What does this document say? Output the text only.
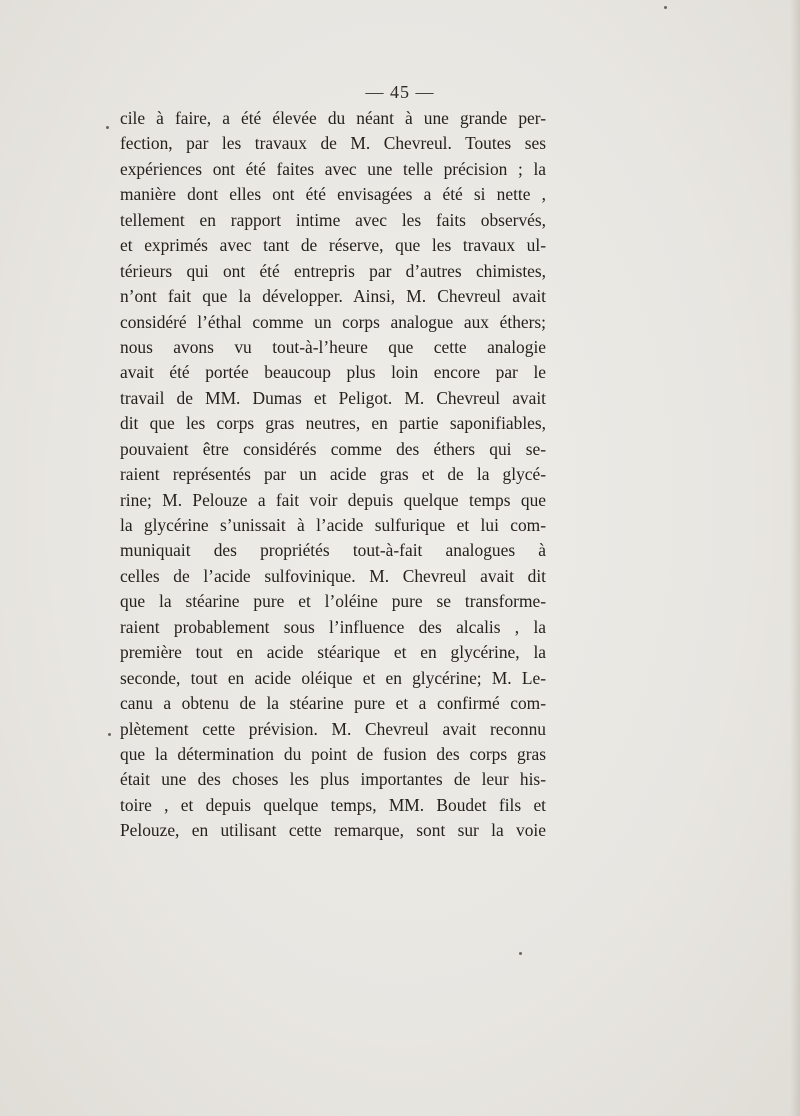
— 45 —
cile à faire, a été élevée du néant à une grande per-
fection, par les travaux de M. Chevreul. Toutes ses
expériences ont été faites avec une telle précision ; la
manière dont elles ont été envisagées a été si nette ,
tellement en rapport intime avec les faits observés,
et exprimés avec tant de réserve, que les travaux ul-
térieurs qui ont été entrepris par d’autres chimistes,
n’ont fait que la développer. Ainsi, M. Chevreul avait
considéré l’éthal comme un corps analogue aux éthers;
nous avons vu tout-à-l’heure que cette analogie
avait été portée beaucoup plus loin encore par le
travail de MM. Dumas et Peligot. M. Chevreul avait
dit que les corps gras neutres, en partie saponifiables,
pouvaient être considérés comme des éthers qui se-
raient représentés par un acide gras et de la glycé-
rine; M. Pelouze a fait voir depuis quelque temps que
la glycérine s’unissait à l’acide sulfurique et lui com-
muniquait des propriétés tout-à-fait analogues à
celles de l’acide sulfovinique. M. Chevreul avait dit
que la stéarine pure et l’oléine pure se transforme-
raient probablement sous l’influence des alcalis , la
première tout en acide stéarique et en glycérine, la
seconde, tout en acide oléique et en glycérine; M. Le-
canu a obtenu de la stéarine pure et a confirmé com-
plètement cette prévision. M. Chevreul avait reconnu
que la détermination du point de fusion des corps gras
était une des choses les plus importantes de leur his-
toire , et depuis quelque temps, MM. Boudet fils et
Pelouze, en utilisant cette remarque, sont sur la voie
